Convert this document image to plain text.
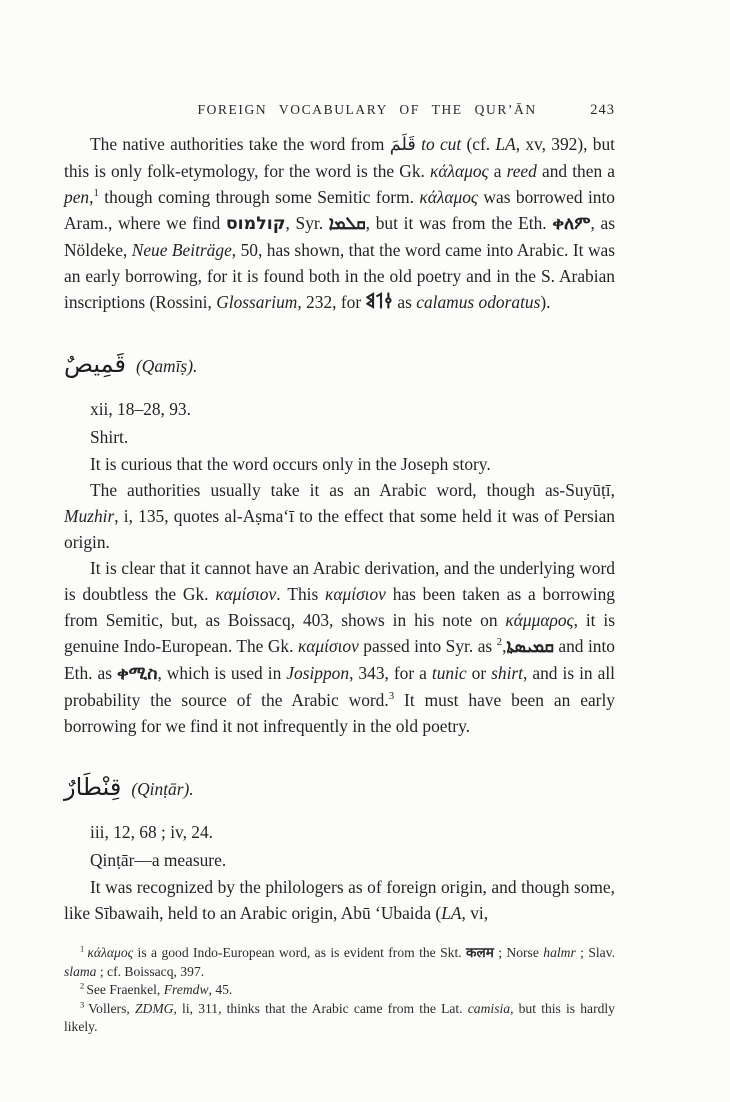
FOREIGN VOCABULARY OF THE QUR’ĀN	243

The native authorities take the word from قَلَمَ to cut (cf. LA, xv, 392), but this is only folk-etymology, for the word is the Gk. κάλαμος a reed and then a pen,$^1$ though coming through some Semitic form. κάλαμος was borrowed into Aram., where we find קולמוס, Syr. ܩܠܡܐ, but it was from the Eth. ቀለም, as Nöldeke, Neue Beiträge, 50, has shown, that the word came into Arabic. It was an early borrowing, for it is found both in the old poetry and in the S. Arabian inscriptions (Rossini, Glossarium, 232, for 𐩤𐩡𐩣 as calamus odoratus).

قَمِيصٌ (Qamīṣ).
xii, 18–28, 93.
Shirt.

It is curious that the word occurs only in the Joseph story.

The authorities usually take it as an Arabic word, though as-Suyūṭī, Muzhir, i, 135, quotes al-Aṣma‘ī to the effect that some held it was of Persian origin.

It is clear that it cannot have an Arabic derivation, and the underlying word is doubtless the Gk. καμίσιον. This καμίσιον has been taken as a borrowing from Semitic, but, as Boissacq, 403, shows in his note on κάμμαρος, it is genuine Indo-European. The Gk. καμίσιον passed into Syr. as ܩܡܝܣܬܐ,$^2$	and into Eth. as ቀሚስ, which is used in Josippon, 343, for a tunic or shirt, and is in all probability the source of the Arabic word.$^3$ It must have been an early borrowing for we find it not infrequently in the old poetry.

قِنْطَارٌ (Qinṭār).
iii, 12, 68 ; iv, 24.
Qinṭār—a measure.

It was recognized by the philologers as of foreign origin, and though some, like Sībawaih, held to an Arabic origin, Abū ‘Ubaida (LA, vi,

$^1$ κάλαμος is a good Indo-European word, as is evident from the Skt. कलम ; Norse halmr ; Slav. slama ; cf. Boissacq, 397.

$^2$ See Fraenkel, Fremdw, 45.

$^3$ Vollers, ZDMG, li, 311, thinks that the Arabic came from the Lat. camisia, but this is hardly likely.
